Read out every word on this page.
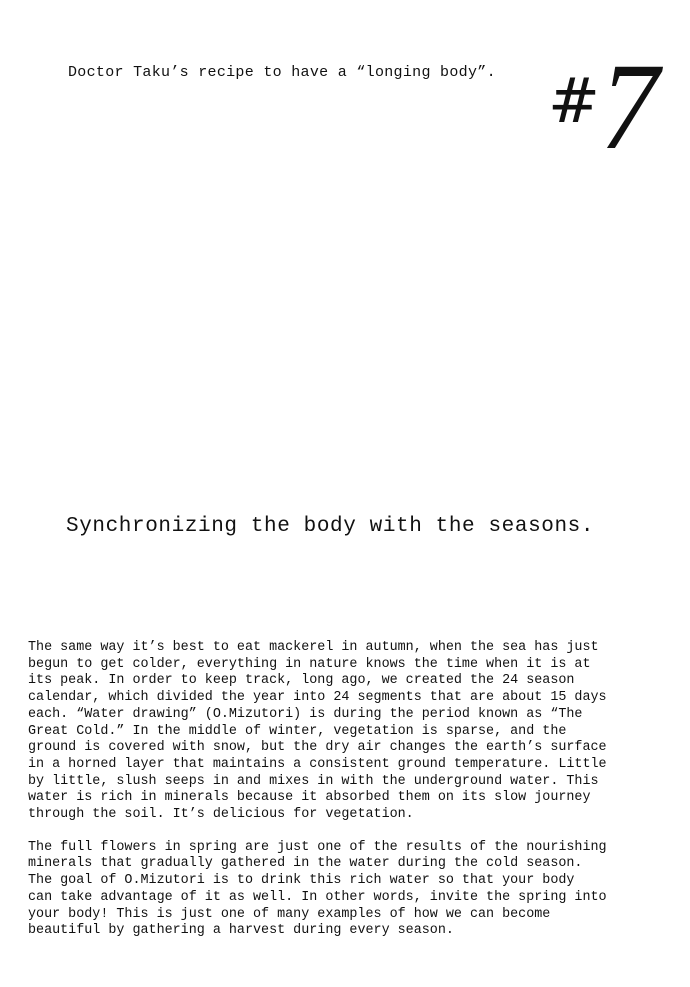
Doctor Taku’s recipe to have a “longing body”. #7
Synchronizing the body with the seasons.

The same way it’s best to eat mackerel in autumn, when the sea has just
begun to get colder, everything in nature knows the time when it is at
its peak. In order to keep track, long ago, we created the 24 season
calendar, which divided the year into 24 segments that are about 15 days
each. “Water drawing” (O.Mizutori) is during the period known as “The
Great Cold.” In the middle of winter, vegetation is sparse, and the
ground is covered with snow, but the dry air changes the earth’s surface
in a horned layer that maintains a consistent ground temperature. Little
by little, slush seeps in and mixes in with the underground water. This
water is rich in minerals because it absorbed them on its slow journey
through the soil. It’s delicious for vegetation.

The full flowers in spring are just one of the results of the nourishing
minerals that gradually gathered in the water during the cold season.
The goal of O.Mizutori is to drink this rich water so that your body
can take advantage of it as well. In other words, invite the spring into
your body! This is just one of many examples of how we can become
beautiful by gathering a harvest during every season.
